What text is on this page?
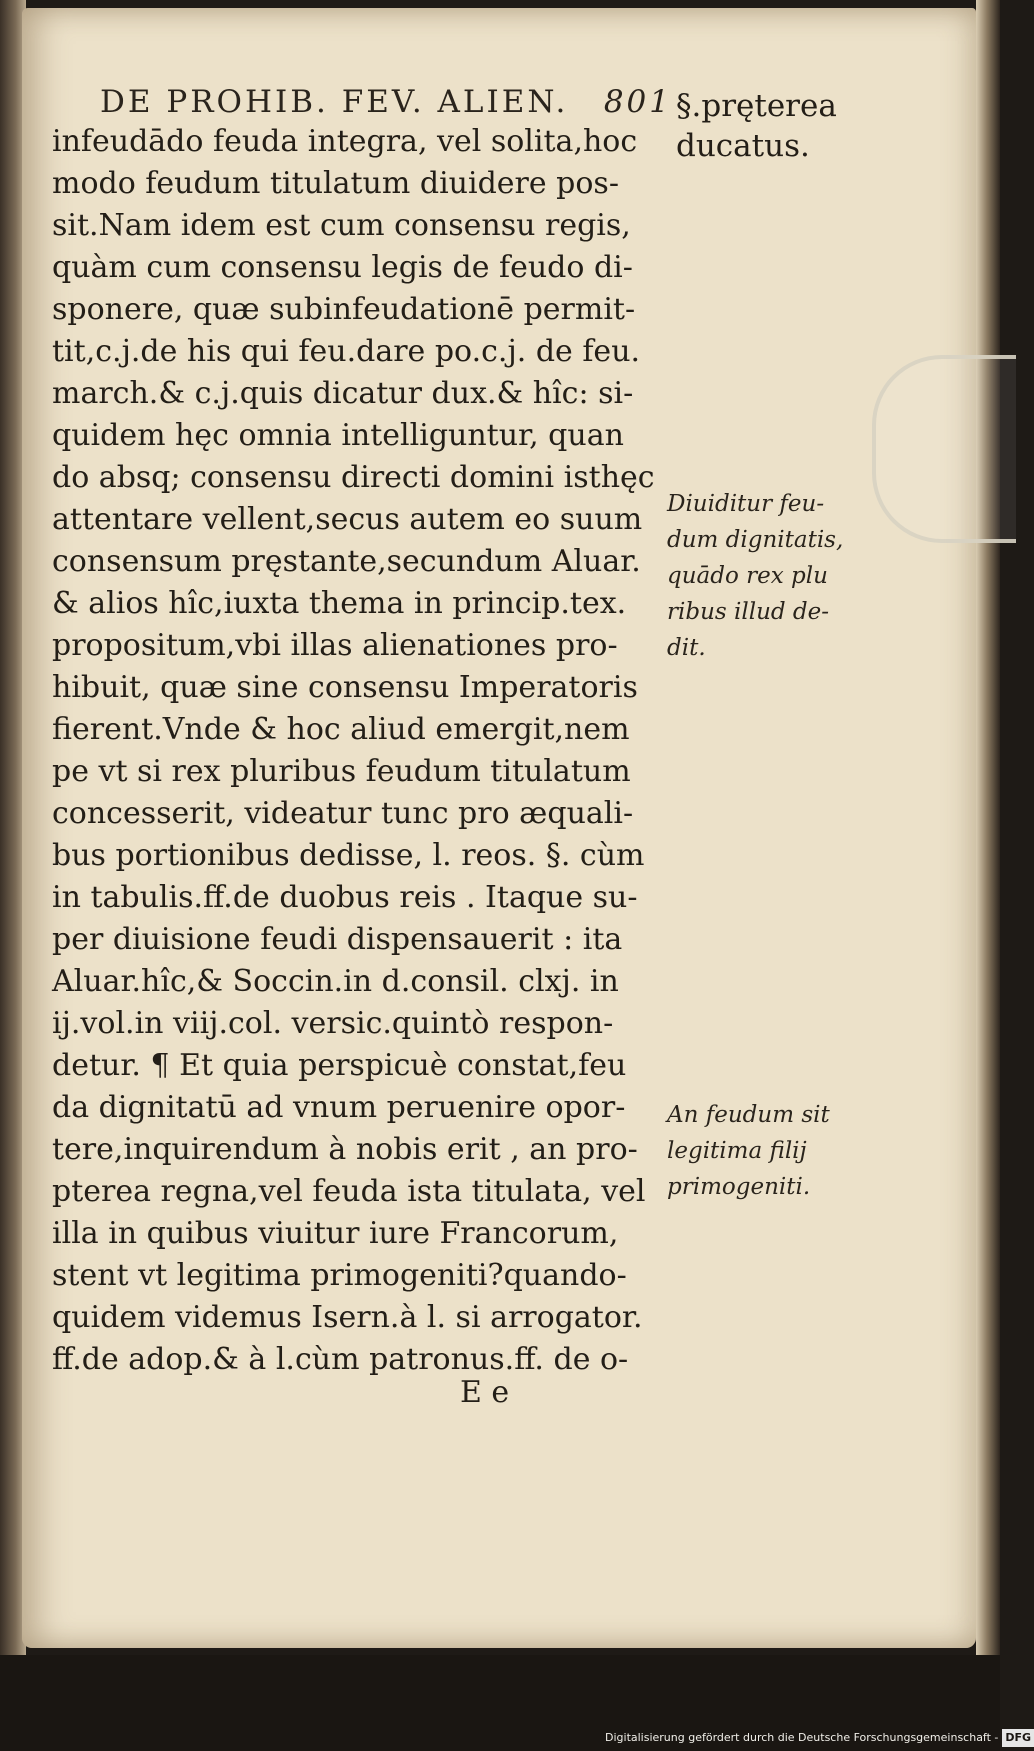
DE PROHIB. FEV. ALIEN. 801 §.pręterea
ducatus.
infeudādo feuda integra, vel solita,hoc
modo feudum titulatum diuidere pos-
sit.Nam idem est cum consensu regis,
quàm cum consensu legis de feudo di-
sponere, quæ subinfeudationē permit-
tit,c.j.de his qui feu.dare po.c.j. de feu.
march.& c.j.quis dicatur dux.& hîc: si-
quidem hęc omnia intelliguntur, quan
do absq; consensu directi domini isthęc
attentare vellent,secus autem eo suum
consensum pręstante,secundum Aluar.
& alios hîc,iuxta thema in princip.tex.
propositum,vbi illas alienationes pro-
hibuit, quæ sine consensu Imperatoris
fierent.Vnde & hoc aliud emergit,nem
pe vt si rex pluribus feudum titulatum
concesserit, videatur tunc pro æquali-
bus portionibus dedisse, l. reos. §. cùm
in tabulis.ff.de duobus reis . Itaque su-
per diuisione feudi dispensauerit : ita
Aluar.hîc,& Soccin.in d.consil. clxj. in
ij.vol.in viij.col. versic.quintò respon-
detur. ¶ Et quia perspicuè constat,feu
da dignitatū ad vnum peruenire opor-
tere,inquirendum à nobis erit , an pro-
pterea regna,vel feuda ista titulata, vel
illa in quibus viuitur iure Francorum,
stent vt legitima primogeniti?quando-
quidem videmus Isern.à l. si arrogator.
ff.de adop.& à l.cùm patronus.ff. de o-
E e
Diuiditur feu-
dum dignitatis,
quādo rex plu
ribus illud de-
dit.
An feudum sit
legitima filij
primogeniti.
Digitalisierung gefördert durch die Deutsche Forschungsgemeinschaft - DFG
